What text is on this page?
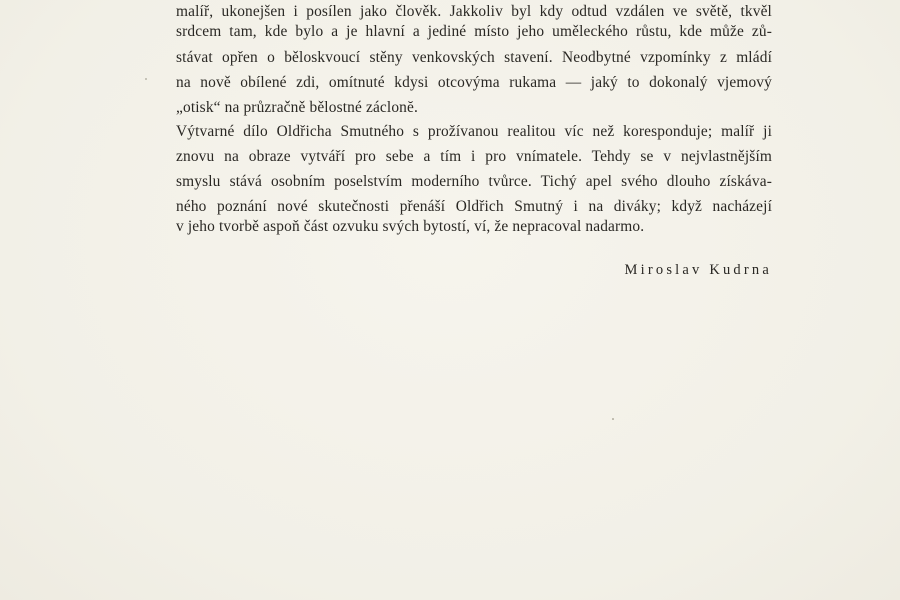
malíř, ukonejšen i posílen jako člověk. Jakkoliv byl kdy odtud vzdálen ve světě, tkvěl
srdcem tam, kde bylo a je hlavní a jediné místo jeho uměleckého růstu, kde může zů-
stávat opřen o běloskvoucí stěny venkovských stavení. Neodbytné vzpomínky z mládí
na nově obílené zdi, omítnuté kdysi otcovýma rukama — jaký to dokonalý vjemový
„otisk“ na průzračně bělostné záclonĕ.
Výtvarné dílo Oldřicha Smutného s prožívanou realitou víc než koresponduje; malíř ji
znovu na obraze vytváří pro sebe a tím i pro vnímatele. Tehdy se v nejvlastnějším
smyslu stává osobním poselstvím moderního tvůrce. Tichý apel svého dlouho získáva-
ného poznání nové skutečnosti přenáší Oldřich Smutný i na diváky; když nacházejí
v jeho tvorbě aspoň část ozvuku svých bytostí, ví, že nepracoval nadarmo.
Miroslav Kudrna
